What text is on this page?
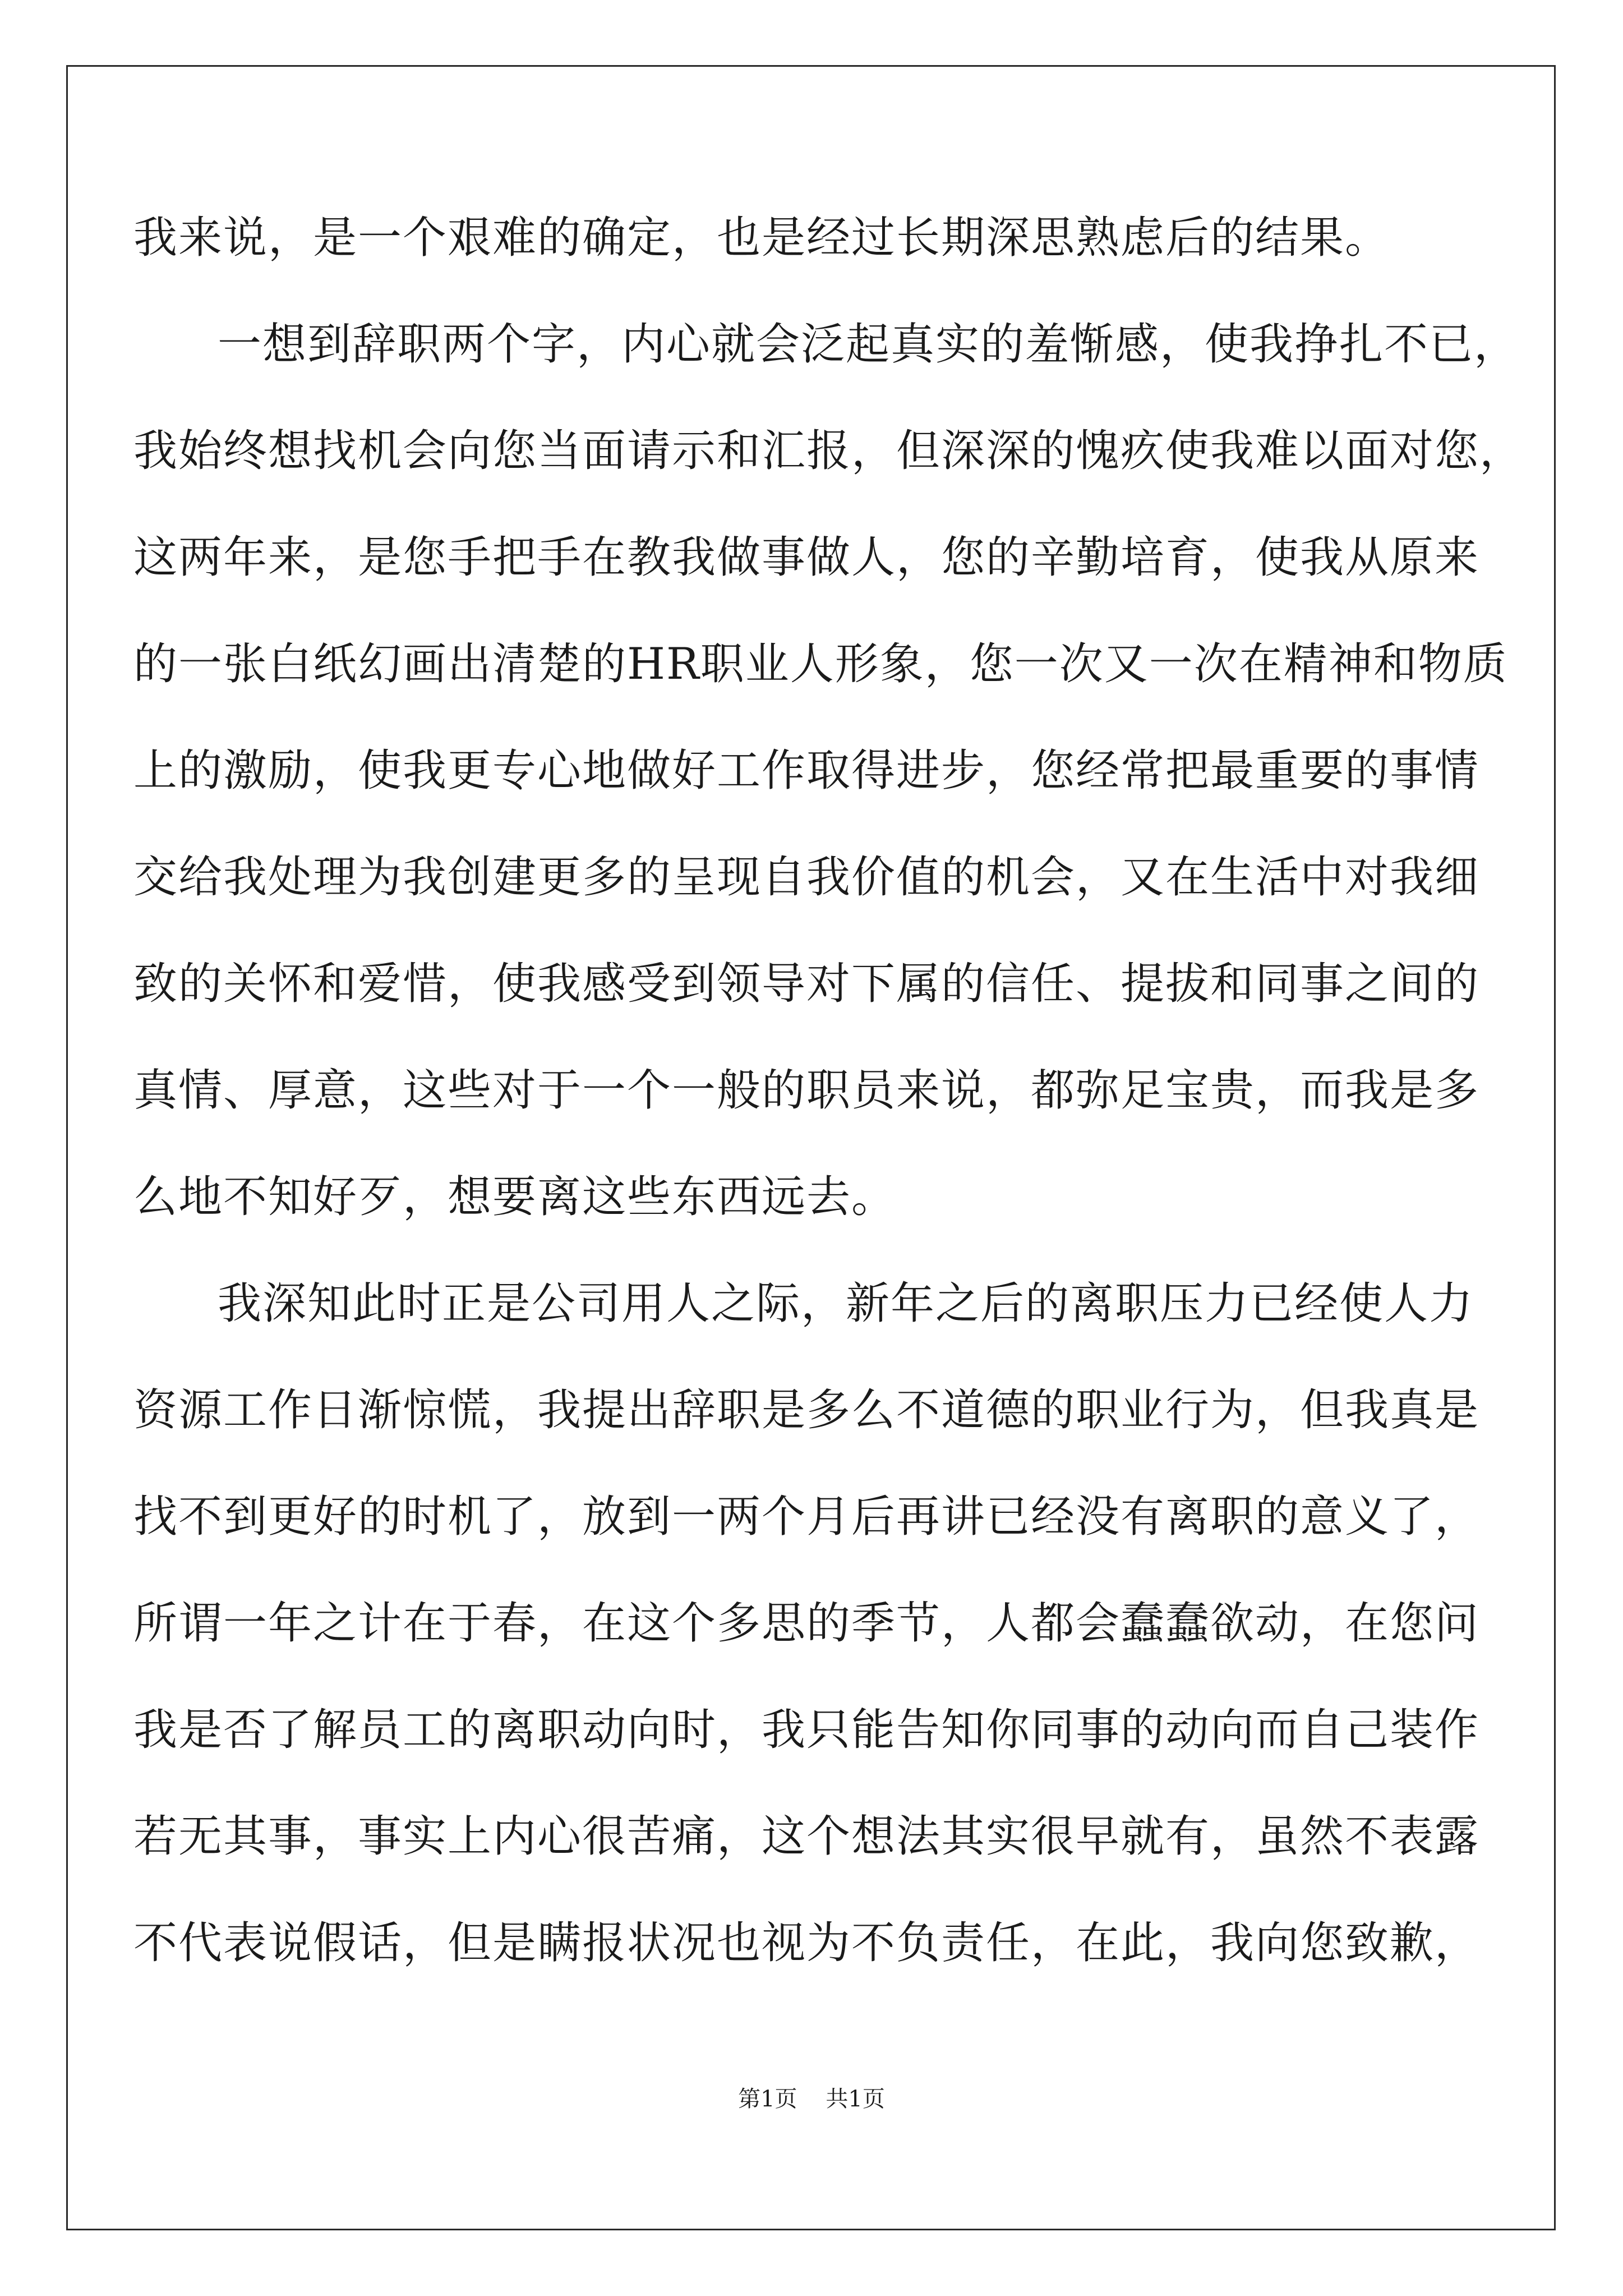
我来说，是一个艰难的确定，也是经过长期深思熟虑后的结果。
一想到辞职两个字，内心就会泛起真实的羞惭感，使我挣扎不已，
我始终想找机会向您当面请示和汇报，但深深的愧疚使我难以面对您，
这两年来，是您手把手在教我做事做人，您的辛勤培育，使我从原来
的一张白纸幻画出清楚的HR职业人形象，您一次又一次在精神和物质
上的激励，使我更专心地做好工作取得进步，您经常把最重要的事情
交给我处理为我创建更多的呈现自我价值的机会，又在生活中对我细
致的关怀和爱惜，使我感受到领导对下属的信任、提拔和同事之间的
真情、厚意，这些对于一个一般的职员来说，都弥足宝贵，而我是多
么地不知好歹，想要离这些东西远去。
我深知此时正是公司用人之际，新年之后的离职压力已经使人力
资源工作日渐惊慌，我提出辞职是多么不道德的职业行为，但我真是
找不到更好的时机了，放到一两个月后再讲已经没有离职的意义了，
所谓一年之计在于春，在这个多思的季节，人都会蠢蠢欲动，在您问
我是否了解员工的离职动向时，我只能告知你同事的动向而自己装作
若无其事，事实上内心很苦痛，这个想法其实很早就有，虽然不表露
不代表说假话，但是瞒报状况也视为不负责任，在此，我向您致歉，
第1页 共1页
